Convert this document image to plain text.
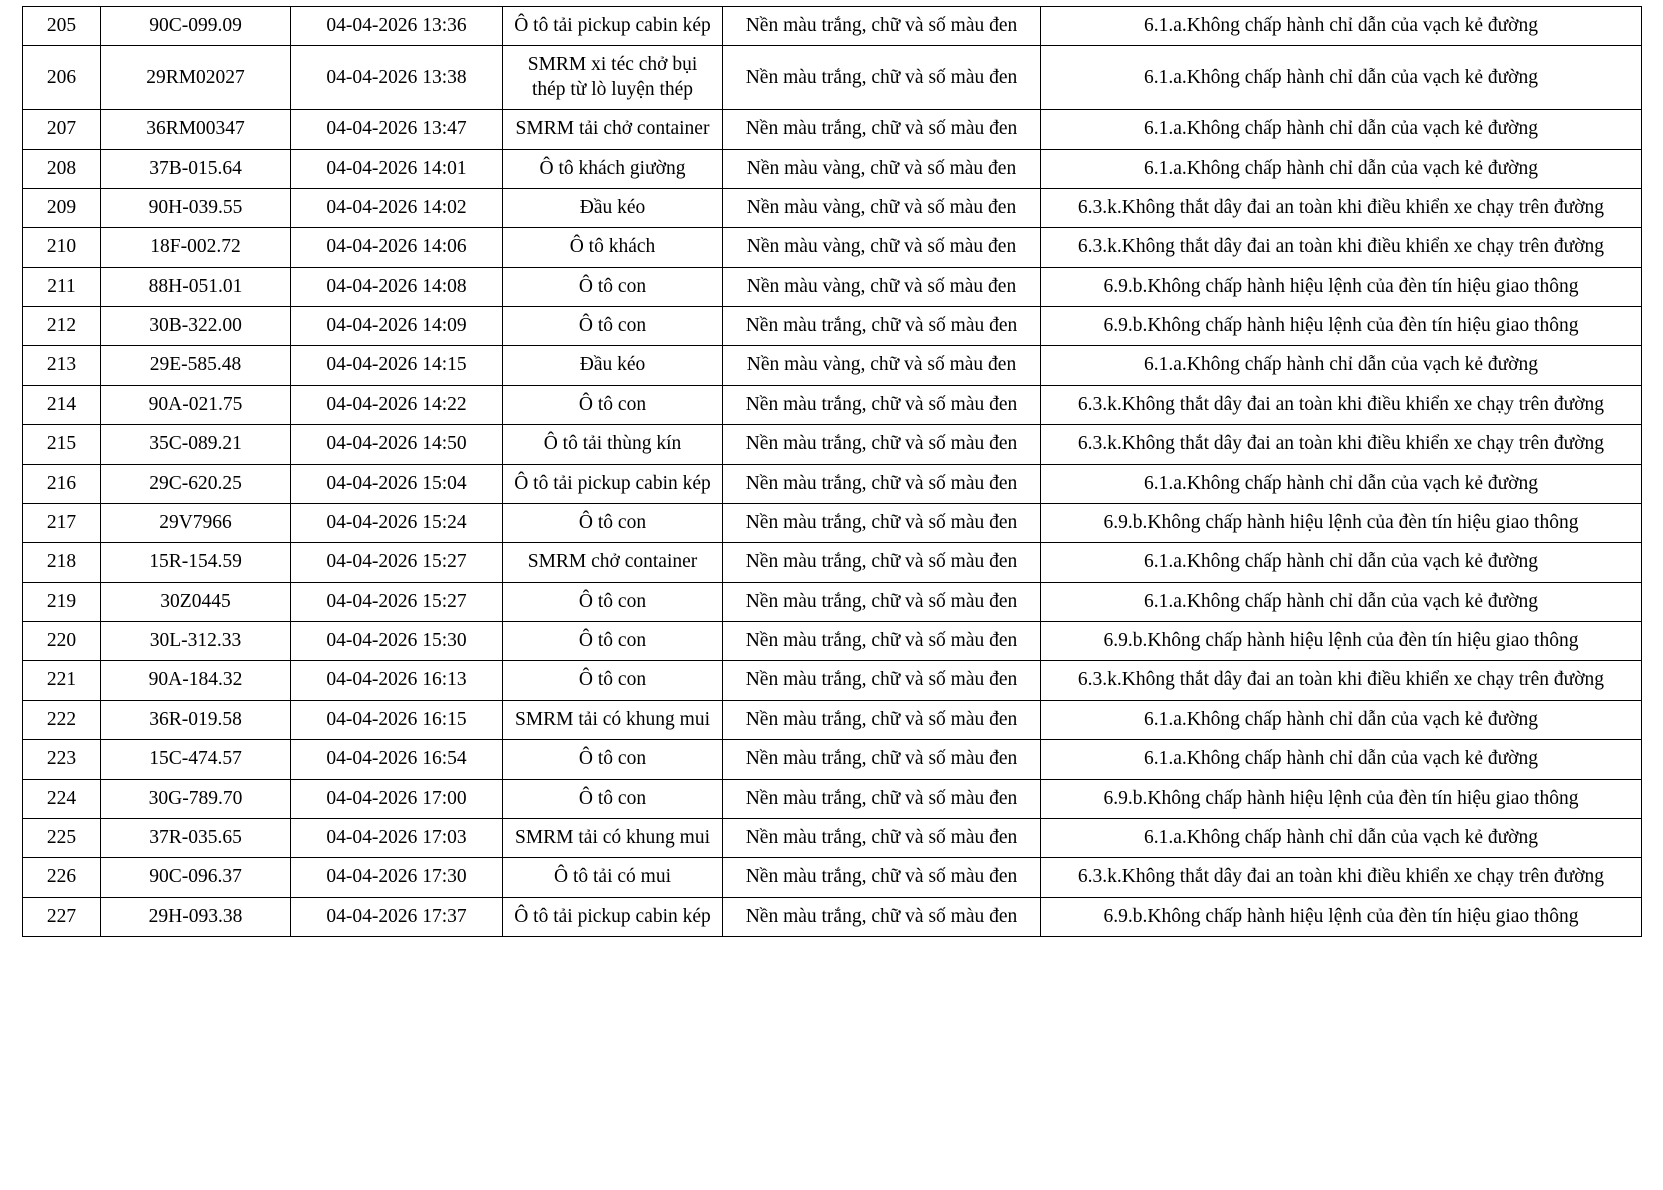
205	90C-099.09	04-04-2026 13:36	Ô tô tải pickup cabin kép	Nền màu trắng, chữ và số màu đen	6.1.a.Không chấp hành chỉ dẫn của vạch kẻ đường
206	29RM02027	04-04-2026 13:38	SMRM xi téc chở bụi thép từ lò luyện thép	Nền màu trắng, chữ và số màu đen	6.1.a.Không chấp hành chỉ dẫn của vạch kẻ đường
207	36RM00347	04-04-2026 13:47	SMRM tải chở container	Nền màu trắng, chữ và số màu đen	6.1.a.Không chấp hành chỉ dẫn của vạch kẻ đường
208	37B-015.64	04-04-2026 14:01	Ô tô khách giường	Nền màu vàng, chữ và số màu đen	6.1.a.Không chấp hành chỉ dẫn của vạch kẻ đường
209	90H-039.55	04-04-2026 14:02	Đầu kéo	Nền màu vàng, chữ và số màu đen	6.3.k.Không thắt dây đai an toàn khi điều khiển xe chạy trên đường
210	18F-002.72	04-04-2026 14:06	Ô tô khách	Nền màu vàng, chữ và số màu đen	6.3.k.Không thắt dây đai an toàn khi điều khiển xe chạy trên đường
211	88H-051.01	04-04-2026 14:08	Ô tô con	Nền màu vàng, chữ và số màu đen	6.9.b.Không chấp hành hiệu lệnh của đèn tín hiệu giao thông
212	30B-322.00	04-04-2026 14:09	Ô tô con	Nền màu trắng, chữ và số màu đen	6.9.b.Không chấp hành hiệu lệnh của đèn tín hiệu giao thông
213	29E-585.48	04-04-2026 14:15	Đầu kéo	Nền màu vàng, chữ và số màu đen	6.1.a.Không chấp hành chỉ dẫn của vạch kẻ đường
214	90A-021.75	04-04-2026 14:22	Ô tô con	Nền màu trắng, chữ và số màu đen	6.3.k.Không thắt dây đai an toàn khi điều khiển xe chạy trên đường
215	35C-089.21	04-04-2026 14:50	Ô tô tải thùng kín	Nền màu trắng, chữ và số màu đen	6.3.k.Không thắt dây đai an toàn khi điều khiển xe chạy trên đường
216	29C-620.25	04-04-2026 15:04	Ô tô tải pickup cabin kép	Nền màu trắng, chữ và số màu đen	6.1.a.Không chấp hành chỉ dẫn của vạch kẻ đường
217	29V7966	04-04-2026 15:24	Ô tô con	Nền màu trắng, chữ và số màu đen	6.9.b.Không chấp hành hiệu lệnh của đèn tín hiệu giao thông
218	15R-154.59	04-04-2026 15:27	SMRM chở container	Nền màu trắng, chữ và số màu đen	6.1.a.Không chấp hành chỉ dẫn của vạch kẻ đường
219	30Z0445	04-04-2026 15:27	Ô tô con	Nền màu trắng, chữ và số màu đen	6.1.a.Không chấp hành chỉ dẫn của vạch kẻ đường
220	30L-312.33	04-04-2026 15:30	Ô tô con	Nền màu trắng, chữ và số màu đen	6.9.b.Không chấp hành hiệu lệnh của đèn tín hiệu giao thông
221	90A-184.32	04-04-2026 16:13	Ô tô con	Nền màu trắng, chữ và số màu đen	6.3.k.Không thắt dây đai an toàn khi điều khiển xe chạy trên đường
222	36R-019.58	04-04-2026 16:15	SMRM tải có khung mui	Nền màu trắng, chữ và số màu đen	6.1.a.Không chấp hành chỉ dẫn của vạch kẻ đường
223	15C-474.57	04-04-2026 16:54	Ô tô con	Nền màu trắng, chữ và số màu đen	6.1.a.Không chấp hành chỉ dẫn của vạch kẻ đường
224	30G-789.70	04-04-2026 17:00	Ô tô con	Nền màu trắng, chữ và số màu đen	6.9.b.Không chấp hành hiệu lệnh của đèn tín hiệu giao thông
225	37R-035.65	04-04-2026 17:03	SMRM tải có khung mui	Nền màu trắng, chữ và số màu đen	6.1.a.Không chấp hành chỉ dẫn của vạch kẻ đường
226	90C-096.37	04-04-2026 17:30	Ô tô tải có mui	Nền màu trắng, chữ và số màu đen	6.3.k.Không thắt dây đai an toàn khi điều khiển xe chạy trên đường
227	29H-093.38	04-04-2026 17:37	Ô tô tải pickup cabin kép	Nền màu trắng, chữ và số màu đen	6.9.b.Không chấp hành hiệu lệnh của đèn tín hiệu giao thông
